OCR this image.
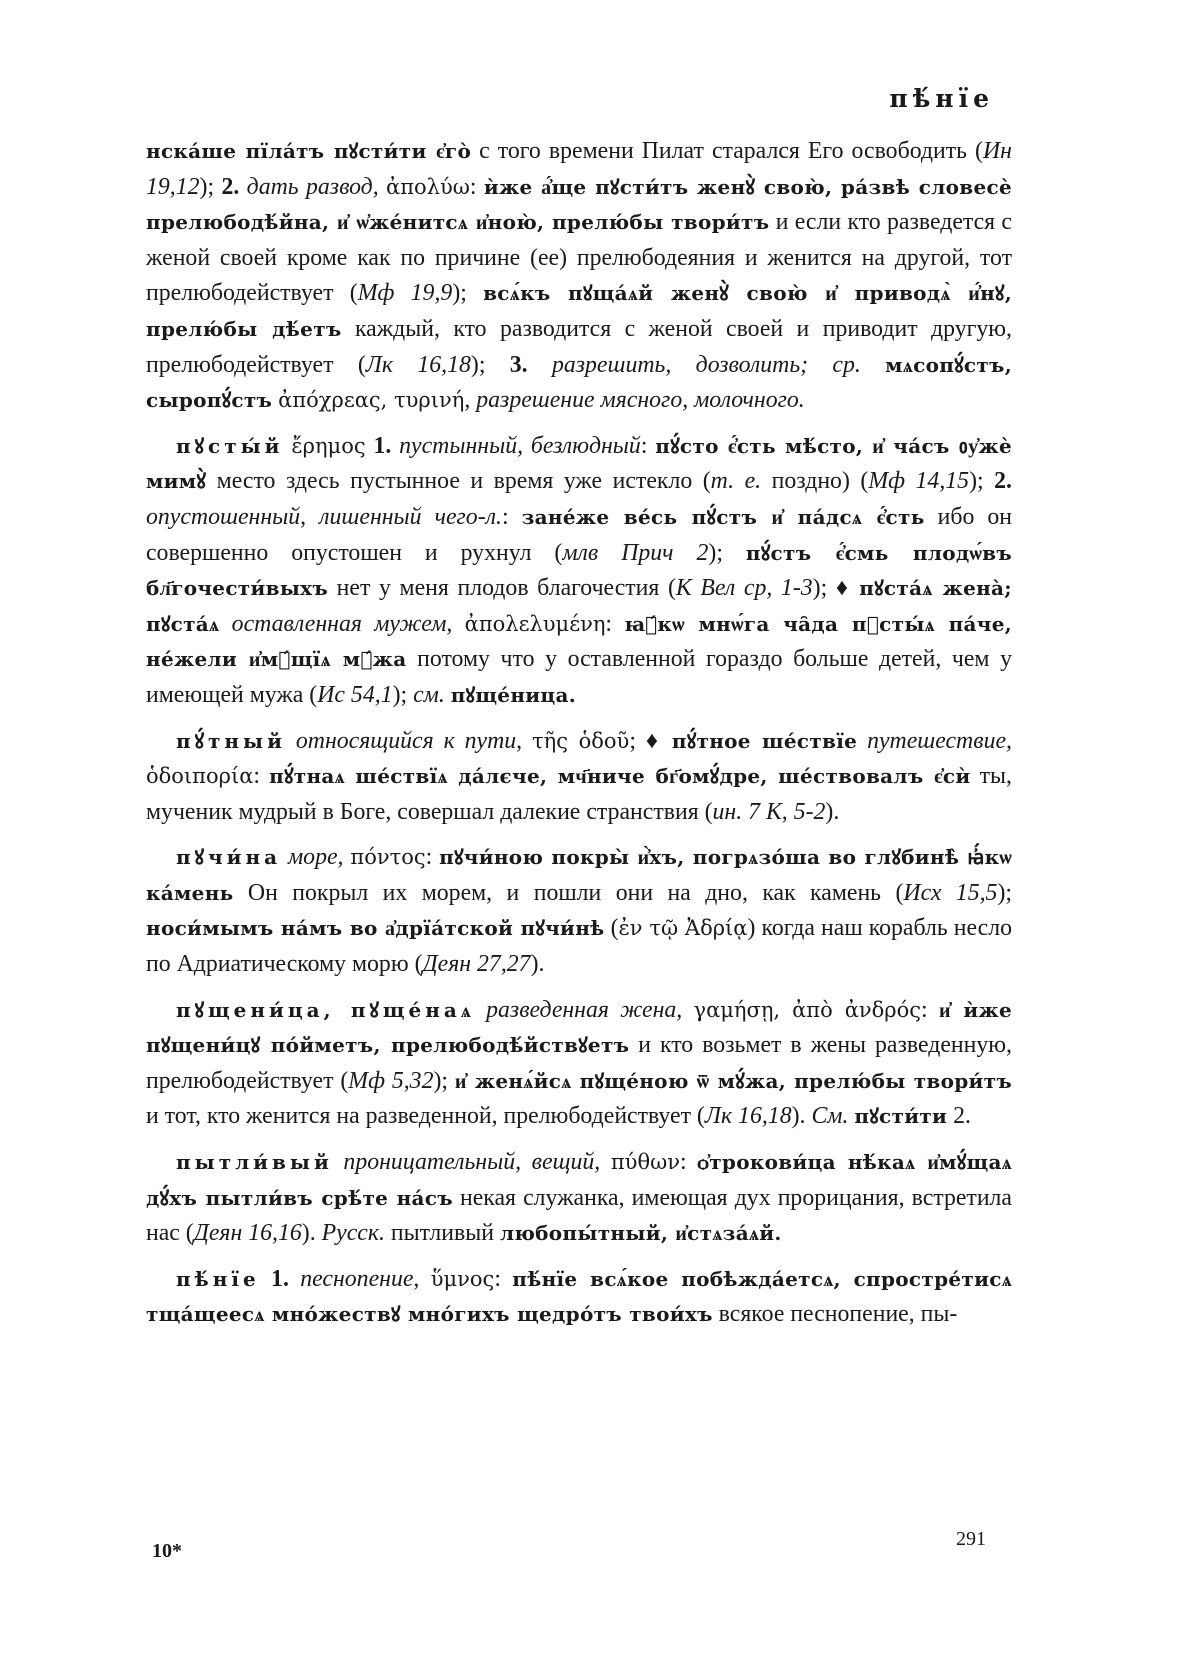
пѣ́нїе

нска́ше пїла́тъ пꙋсти́ти є҆го̀ с того времени Пилат старался Его освободить (Ин 19,12); 2. дать развод, ἀπολύω: ѝже а҆́ще пꙋсти́тъ женꙋ̀ свою̀, ра́звѣ словесѐ прелюбодѣ́йна, и҆ ѡ҆же́нитсѧ и҆ною̀, прелю́бы твори́тъ и если кто разведется с женой своей кроме как по причине (ее) прелюбодеяния и женится на другой, тот прелюбодействует (Мф 19,9); всѧ́къ пꙋща́ѧй женꙋ̀ свою̀ и҆ приводѧ̀ и҆́нꙋ, прелю́бы дѣ́етъ каждый, кто разводится с женой своей и приводит другую, прелюбодействует (Лк 16,18); 3. разрешить, дозволить; ср. мѧсопꙋ́стъ, сыропꙋ́стъ ἀπόχρεας, τυρινή, разрешение мясного, молочного.

пꙋсты́й ἔρημος 1. пустынный, безлюдный: пꙋ́сто є҆́сть мѣ́сто, и҆ ча́съ ᲂу҆жѐ мимꙋ̀ место здесь пустынное и время уже истекло (т. е. поздно) (Мф 14,15); 2. опустошенный, лишенный чего-л.: зане́же ве́сь пꙋ́стъ и҆ па́дсѧ є҆́сть ибо он совершенно опустошен и рухнул (млв Прич 2); пꙋ́стъ є҆́смь плодѡ́въ бл҃гочести́выхъ нет у меня плодов благочестия (К Вел ср, 1-3); ♦ пꙋста́ѧ жена̀; пꙋста́ѧ оставленная мужем, ἀπολελυμένη: ꙗ҆́кѡ мнѡ́га ча̑да пꙋсты́ѧ па́че, не́жели и҆мꙋ́щїѧ мꙋ́жа потому что у оставленной гораздо больше детей, чем у имеющей мужа (Ис 54,1); см. пꙋще́ница.

пꙋ́тный относящийся к пути, τῆς ὁδοῦ; ♦ пꙋ́тное ше́ствїе путешествие, ὁδοιπορία: пꙋ́тнаѧ ше́ствїѧ да́лєче, мч҃ниче бг҃омꙋ́дре, ше́ствовалъ є҆сѝ ты, мученик мудрый в Боге, совершал далекие странствия (ин. 7 К, 5-2).

пꙋчи́на море, πόντος: пꙋчи́ною покры̀ и҆̀хъ, погрѧзо́ша во глꙋбинѣ̀ ꙗ҆́кѡ ка́мень Он покрыл их морем, и пошли они на дно, как камень (Исх 15,5); носи́мымъ на́мъ во а҆дрїа́тской пꙋчи́нѣ (ἐν τῷ Ἀδρίᾳ) когда наш корабль несло по Адриатическому морю (Деян 27,27).

пꙋщени́ца, пꙋще́наѧ разведенная жена, γαμήσῃ, ἀπὸ ἀνδρός: и҆ ѝже пꙋщени́цꙋ по́йметъ, прелюбодѣ́йствꙋетъ и кто возьмет в жены разведенную, прелюбодействует (Мф 5,32); и҆ женѧ́йсѧ пꙋще́ною ѿ мꙋ́жа, прелю́бы твори́тъ и тот, кто женится на разведенной, прелюбодействует (Лк 16,18). См. пꙋсти́ти 2.

пытли́вый проницательный, вещий, πύθων: ѻ҆трокови́ца нѣ́каѧ и҆мꙋ́щаѧ дꙋ́хъ пытли́въ срѣ́те на́съ некая служанка, имеющая дух прорицания, встретила нас (Деян 16,16). Русск. пытливый любопы́тный, и҆стѧза́ѧй.

пѣ́нїе 1. песнопение, ὕμνος: пѣ́нїе всѧ́кое побѣжда́етсѧ, спростре́тисѧ тща́щеесѧ мно́жествꙋ мно́гихъ щедро́тъ твои́хъ всякое песнопение, пы-

10*
291
